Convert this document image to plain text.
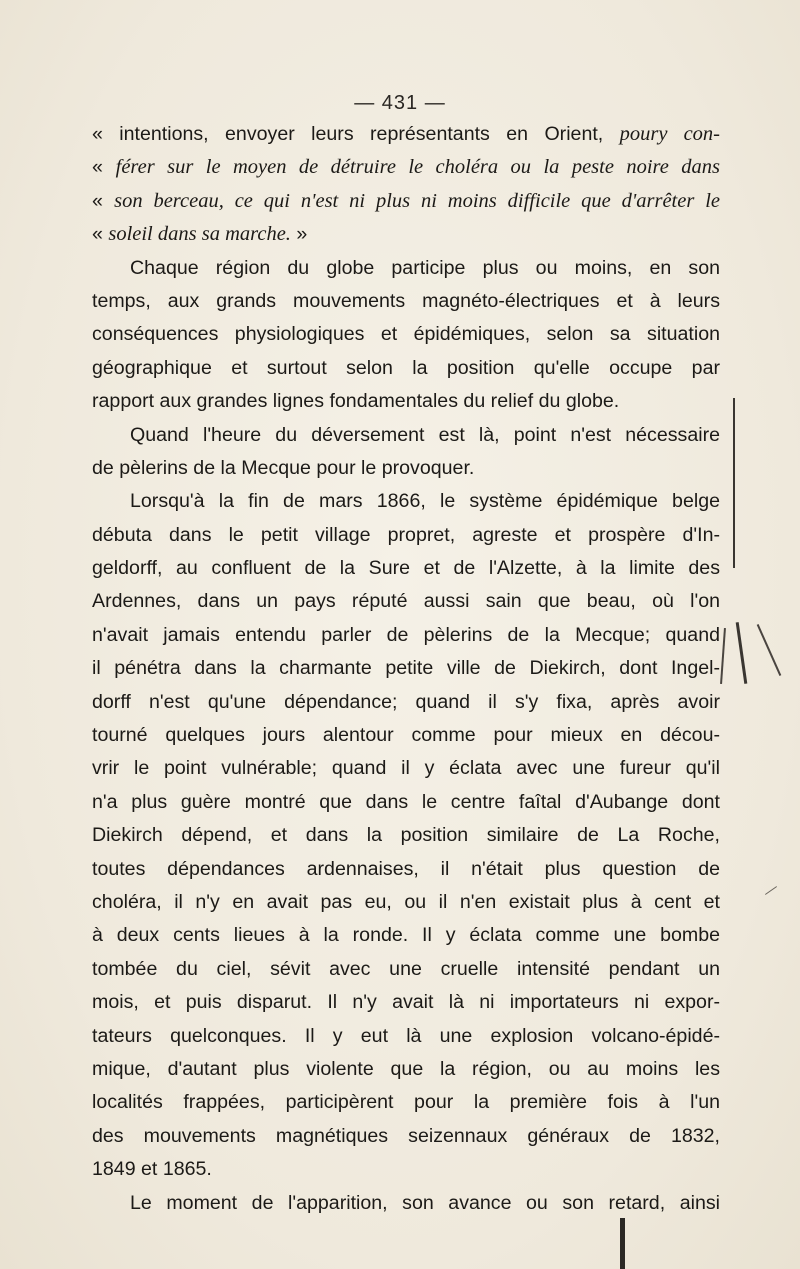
— 431 —
« intentions, envoyer leurs représentants en Orient, poury con-
« férer sur le moyen de détruire le choléra ou la peste noire dans
« son berceau, ce qui n'est ni plus ni moins difficile que d'arrêter le
« soleil dans sa marche. »
Chaque région du globe participe plus ou moins, en son
temps, aux grands mouvements magnéto-électriques et à leurs
conséquences physiologiques et épidémiques, selon sa situation
géographique et surtout selon la position qu'elle occupe par
rapport aux grandes lignes fondamentales du relief du globe.
Quand l'heure du déversement est là, point n'est nécessaire
de pèlerins de la Mecque pour le provoquer.
Lorsqu'à la fin de mars 1866, le système épidémique belge
débuta dans le petit village propret, agreste et prospère d'In-
geldorff, au confluent de la Sure et de l'Alzette, à la limite des
Ardennes, dans un pays réputé aussi sain que beau, où l'on
n'avait jamais entendu parler de pèlerins de la Mecque; quand
il pénétra dans la charmante petite ville de Diekirch, dont Ingel-
dorff n'est qu'une dépendance; quand il s'y fixa, après avoir
tourné quelques jours alentour comme pour mieux en décou-
vrir le point vulnérable; quand il y éclata avec une fureur qu'il
n'a plus guère montré que dans le centre faîtal d'Aubange dont
Diekirch dépend, et dans la position similaire de La Roche,
toutes dépendances ardennaises, il n'était plus question de
choléra, il n'y en avait pas eu, ou il n'en existait plus à cent et
à deux cents lieues à la ronde. Il y éclata comme une bombe
tombée du ciel, sévit avec une cruelle intensité pendant un
mois, et puis disparut. Il n'y avait là ni importateurs ni expor-
tateurs quelconques. Il y eut là une explosion volcano-épidé-
mique, d'autant plus violente que la région, ou au moins les
localités frappées, participèrent pour la première fois à l'un
des mouvements magnétiques seizennaux généraux de 1832,
1849 et 1865.
Le moment de l'apparition, son avance ou son retard, ainsi
